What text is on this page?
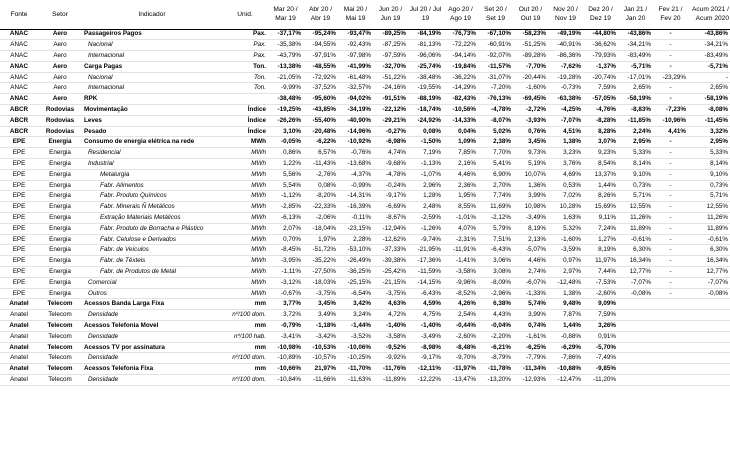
Fonte	Setor	Indicador	Unid.	Mar 20 / Mar 19	Abr 20 / Abr 19	Mai 20 / Mai 19	Jun 20 / Jun 19	Jul 20 / Jul 19	Ago 20 / Ago 19	Set 20 / Set 19	Out 20 / Out 19	Nov 20 / Nov 19	Dez 20 / Dez 19	Jan 21 / Jan 20	Fev 21 / Fev 20	Acum 2021 / Acum 2020	
ANAC	Aero	Passageiros Pagos	Pax.	-37,17%	-95,24%	-93,47%	-89,25%	-84,19%	-76,73%	-67,10%	-58,23%	-49,19%	-44,80%	-43,86%	-	-43,86%	
ANAC	Aero	Nacional	Pax.	-35,38%	-94,55%	-92,43%	-87,25%	-81,13%	-72,22%	-60,91%	-51,25%	-40,91%	-36,62%	-34,21%	-	-34,21%	
ANAC	Aero	Internacional	Pax.	-43,79%	-97,91%	-97,98%	-97,59%	-96,06%	-94,14%	-92,07%	-89,28%	-86,36%	-79,93%	-83,49%	-	-83,49%	
ANAC	Aero	Carga Pagas	Ton.	-13,38%	-48,55%	-41,99%	-32,70%	-25,74%	-19,84%	-11,57%	-7,70%	-7,62%	-1,37%	-5,71%	-	-5,71%	
ANAC	Aero	Nacional	Ton.	-21,05%	-72,92%	-61,48%	-51,22%	-38,48%	-36,22%	-31,07%	-20,44%	-19,28%	-20,74%	-17,01%	-23,29%	-	
ANAC	Aero	Internacional	Ton.	-9,99%	-37,52%	-32,57%	-24,16%	-19,55%	-14,29%	-7,20%	-1,60%	-0,73%	7,59%	2,65%	-	2,65%	
ANAC	Aero	RPK		-38,48%	-95,60%	-94,02%	-91,51%	-88,19%	-82,43%	-76,13%	-69,45%	-63,38%	-57,05%	-58,19%	-	-58,19%	
ABCR	Rodovias	Movimentação	Índice	-19,25%	-43,85%	-34,19%	-22,12%	-18,74%	-10,56%	-4,78%	-2,72%	-4,25%	-4,76%	-8,83%	-7,23%	-8,08%	
ABCR	Rodovias	Leves	Índice	-26,26%	-55,40%	-40,90%	-29,21%	-24,92%	-14,33%	-8,07%	-3,93%	-7,07%	-8,28%	-11,85%	-10,96%	-11,45%	
ABCR	Rodovias	Pesado	Índice	3,10%	-20,48%	-14,96%	-0,27%	0,08%	0,04%	5,02%	0,76%	4,51%	8,28%	2,24%	4,41%	3,32%	
EPE	Energia	Consumo de energia elétrica na rede	MWh	-0,05%	-6,22%	-10,92%	-6,98%	-1,50%	1,09%	2,38%	3,45%	1,38%	3,07%	2,95%	-	2,95%	
EPE	Energia	Residencial	MWh	0,86%	6,57%	-0,76%	4,74%	7,19%	7,85%	7,70%	9,73%	3,23%	9,23%	5,33%	-	5,33%	
EPE	Energia	Industrial	MWh	1,22%	-11,43%	-13,68%	-9,68%	-1,13%	2,16%	5,41%	5,19%	3,76%	8,54%	8,14%	-	8,14%	
EPE	Energia	Metalurgia	MWh	5,56%	-2,76%	-4,37%	-4,78%	-1,07%	4,46%	6,90%	10,07%	4,69%	13,37%	9,10%	-	9,10%	
EPE	Energia	Fabr. Alimentos	MWh	5,54%	0,08%	-0,99%	-0,24%	2,96%	2,36%	2,70%	1,36%	0,53%	1,44%	0,73%	-	0,73%	
EPE	Energia	Fabr. Produto Químicos	MWh	-1,12%	-8,20%	-14,31%	-9,17%	1,28%	1,95%	7,74%	3,99%	7,02%	8,26%	5,71%	-	5,71%	
EPE	Energia	Fabr. Minerais Ñ Metálicos	MWh	-2,85%	-22,33%	-16,39%	-6,69%	2,48%	8,55%	11,69%	10,98%	10,28%	15,69%	12,55%	-	12,55%	
EPE	Energia	Extração Materiais Metálicos	MWh	-6,13%	-2,06%	-0,11%	-8,67%	-2,59%	-1,01%	-2,12%	-3,49%	1,63%	9,11%	11,26%	-	11,26%	
EPE	Energia	Fabr. Produto de Borracha e Plástico	MWh	2,07%	-18,04%	-23,15%	-12,94%	-1,26%	4,07%	5,79%	8,19%	5,32%	7,24%	11,89%	-	11,89%	
EPE	Energia	Fabr. Celulose e Derivados	MWh	0,70%	1,97%	2,28%	-12,62%	-9,74%	-2,31%	7,51%	2,13%	-1,60%	1,27%	-0,61%	-	-0,61%	
EPE	Energia	Fabr. de Veículos	MWh	-8,45%	-51,72%	-53,10%	-37,33%	-21,95%	-11,91%	-6,43%	-5,07%	-3,59%	8,19%	6,30%	-	6,30%	
EPE	Energia	Fabr. de Têxteis	MWh	-3,95%	-35,22%	-26,49%	-39,38%	-17,36%	-1,41%	3,06%	4,46%	0,97%	11,97%	16,34%	-	16,34%	
EPE	Energia	Fabr. de Produtos de Metal	MWh	-1,11%	-27,50%	-36,25%	-25,42%	-11,59%	-3,58%	3,08%	2,74%	2,97%	7,44%	12,77%	-	12,77%	
EPE	Energia	Comercial	MWh	-3,12%	-18,03%	-25,15%	-21,15%	-14,15%	-9,96%	-8,09%	-6,07%	-12,48%	-7,53%	-7,07%	-	-7,07%	
EPE	Energia	Outros	MWh	-0,67%	-3,75%	-6,54%	-3,75%	-6,43%	-8,52%	-2,96%	-1,33%	1,38%	-2,60%	-0,08%	-	-0,08%	
Anatel	Telecom	Acessos Banda Larga Fixa	mm	3,77%	3,45%	3,42%	4,63%	4,59%	4,26%	6,38%	5,74%	9,48%	9,09%				
Anatel	Telecom	Densidade	nº/100 dom.	3,72%	3,49%	3,24%	4,72%	4,75%	2,54%	4,43%	3,99%	7,87%	7,59%				
Anatel	Telecom	Acessos Telefonia Movel	mm	-0,79%	-1,18%	-1,44%	-1,40%	-1,40%	-0,44%	-0,04%	0,74%	1,44%	3,26%				
Anatel	Telecom	Densidade	nº/100 hab.	-3,41%	-3,42%	-3,52%	-3,58%	-3,49%	-2,60%	-2,20%	-1,61%	-0,88%	0,91%				
Anatel	Telecom	Acessos TV por assinatura	mm	-10,98%	-10,53%	-10,06%	-9,52%	-8,98%	-8,48%	-6,21%	-6,25%	-6,29%	-5,70%				
Anatel	Telecom	Densidade	nº/100 dom.	-10,89%	-10,57%	-10,25%	-9,92%	-9,17%	-9,70%	-8,79%	-7,79%	-7,86%	-7,49%				
Anatel	Telecom	Acessos Telefonia Fixa	mm	-10,66%	21,97%	-11,70%	-11,76%	-12,11%	-11,97%	-11,78%	-11,34%	-10,88%	-9,85%				
Anatel	Telecom	Densidade	nº/100 dom.	-10,84%	-11,66%	-11,63%	-11,89%	-12,22%	-13,47%	-13,20%	-12,93%	-12,47%	-11,20%				
